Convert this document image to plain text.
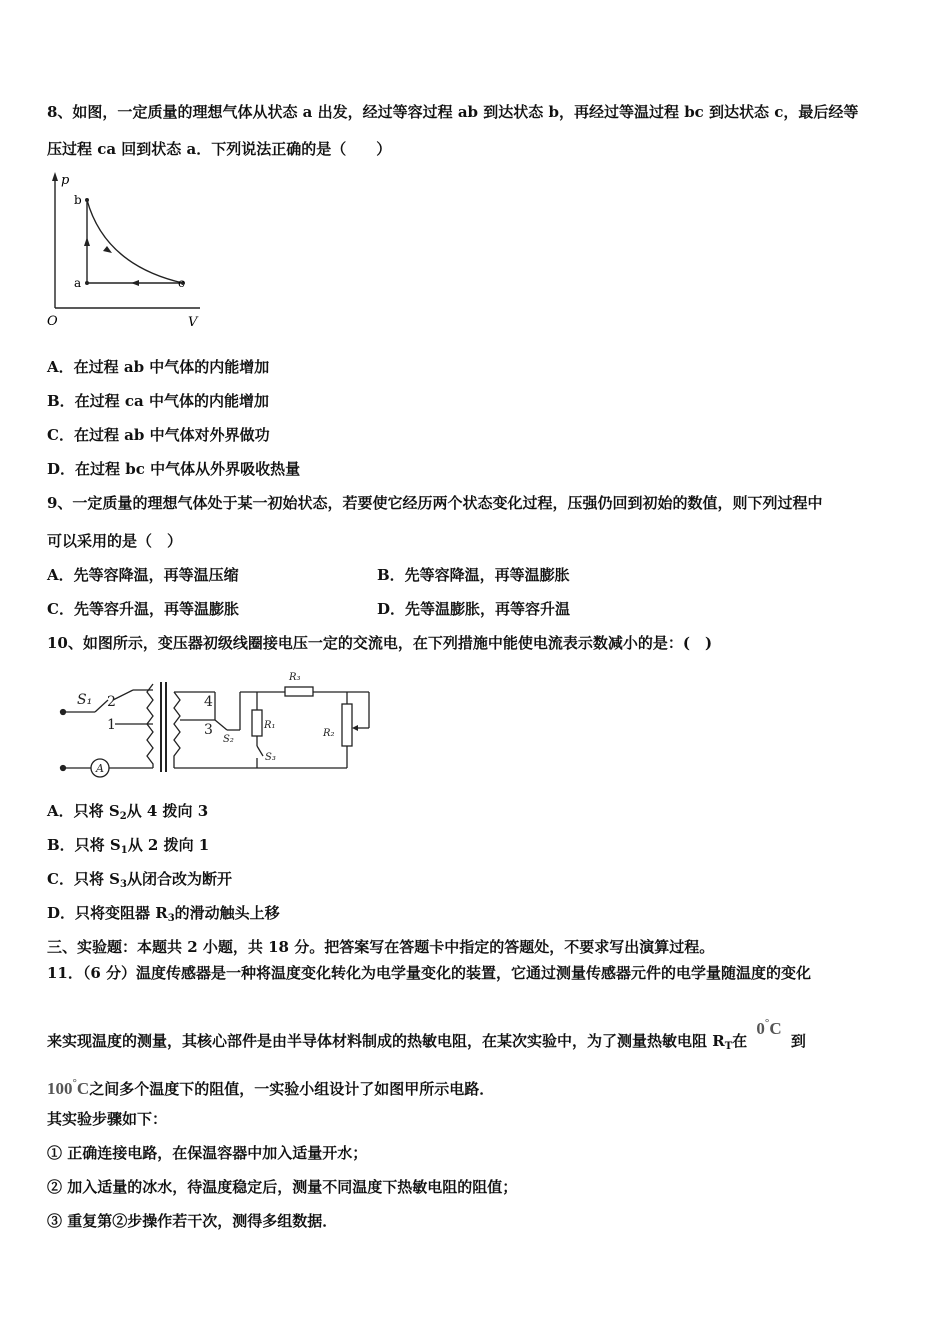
8、如图，一定质量的理想气体从状态 a 出发，经过等容过程 ab 到达状态 b，再经过等温过程 bc 到达状态 c，最后经等
压过程 ca 回到状态 a．下列说法正确的是（　　）
p
O	V
b
a	c
A．在过程 ab 中气体的内能增加
B．在过程 ca 中气体的内能增加
C．在过程 ab 中气体对外界做功
D．在过程 bc 中气体从外界吸收热量
9、一定质量的理想气体处于某一初始状态，若要使它经历两个状态变化过程，压强仍回到初始的数值，则下列过程中
可以采用的是（　）
A．先等容降温，再等温压缩	B．先等容降温，再等温膨胀
C．先等容升温，再等温膨胀	D．先等温膨胀，再等容升温
10、如图所示，变压器初级线圈接电压一定的交流电，在下列措施中能使电流表示数减小的是：(　)
S₁ 2
1
4
3
A
S₂
R₁
S₃
R₃
R₂
A．只将 $S_2$从 4 拨向 3
B．只将 $S_1$从 2 拨向 1
C．只将 $S_3$从闭合改为断开
D．只将变阻器 $R_3$的滑动触头上移
三、实验题：本题共 2 小题，共 18 分。把答案写在答题卡中指定的答题处，不要求写出演算过程。
11．（6 分）温度传感器是一种将温度变化转化为电学量变化的装置，它通过测量传感器元件的电学量随温度的变化
来实现温度的测量，其核心部件是由半导体材料制成的热敏电阻，在某次实验中，为了测量热敏电阻 $R_T$在 0°C 到
100°C之间多个温度下的阻值，一实验小组设计了如图甲所示电路．
其实验步骤如下：
① 正确连接电路，在保温容器中加入适量开水；
② 加入适量的冰水，待温度稳定后，测量不同温度下热敏电阻的阻值；
③ 重复第②步操作若干次，测得多组数据．
